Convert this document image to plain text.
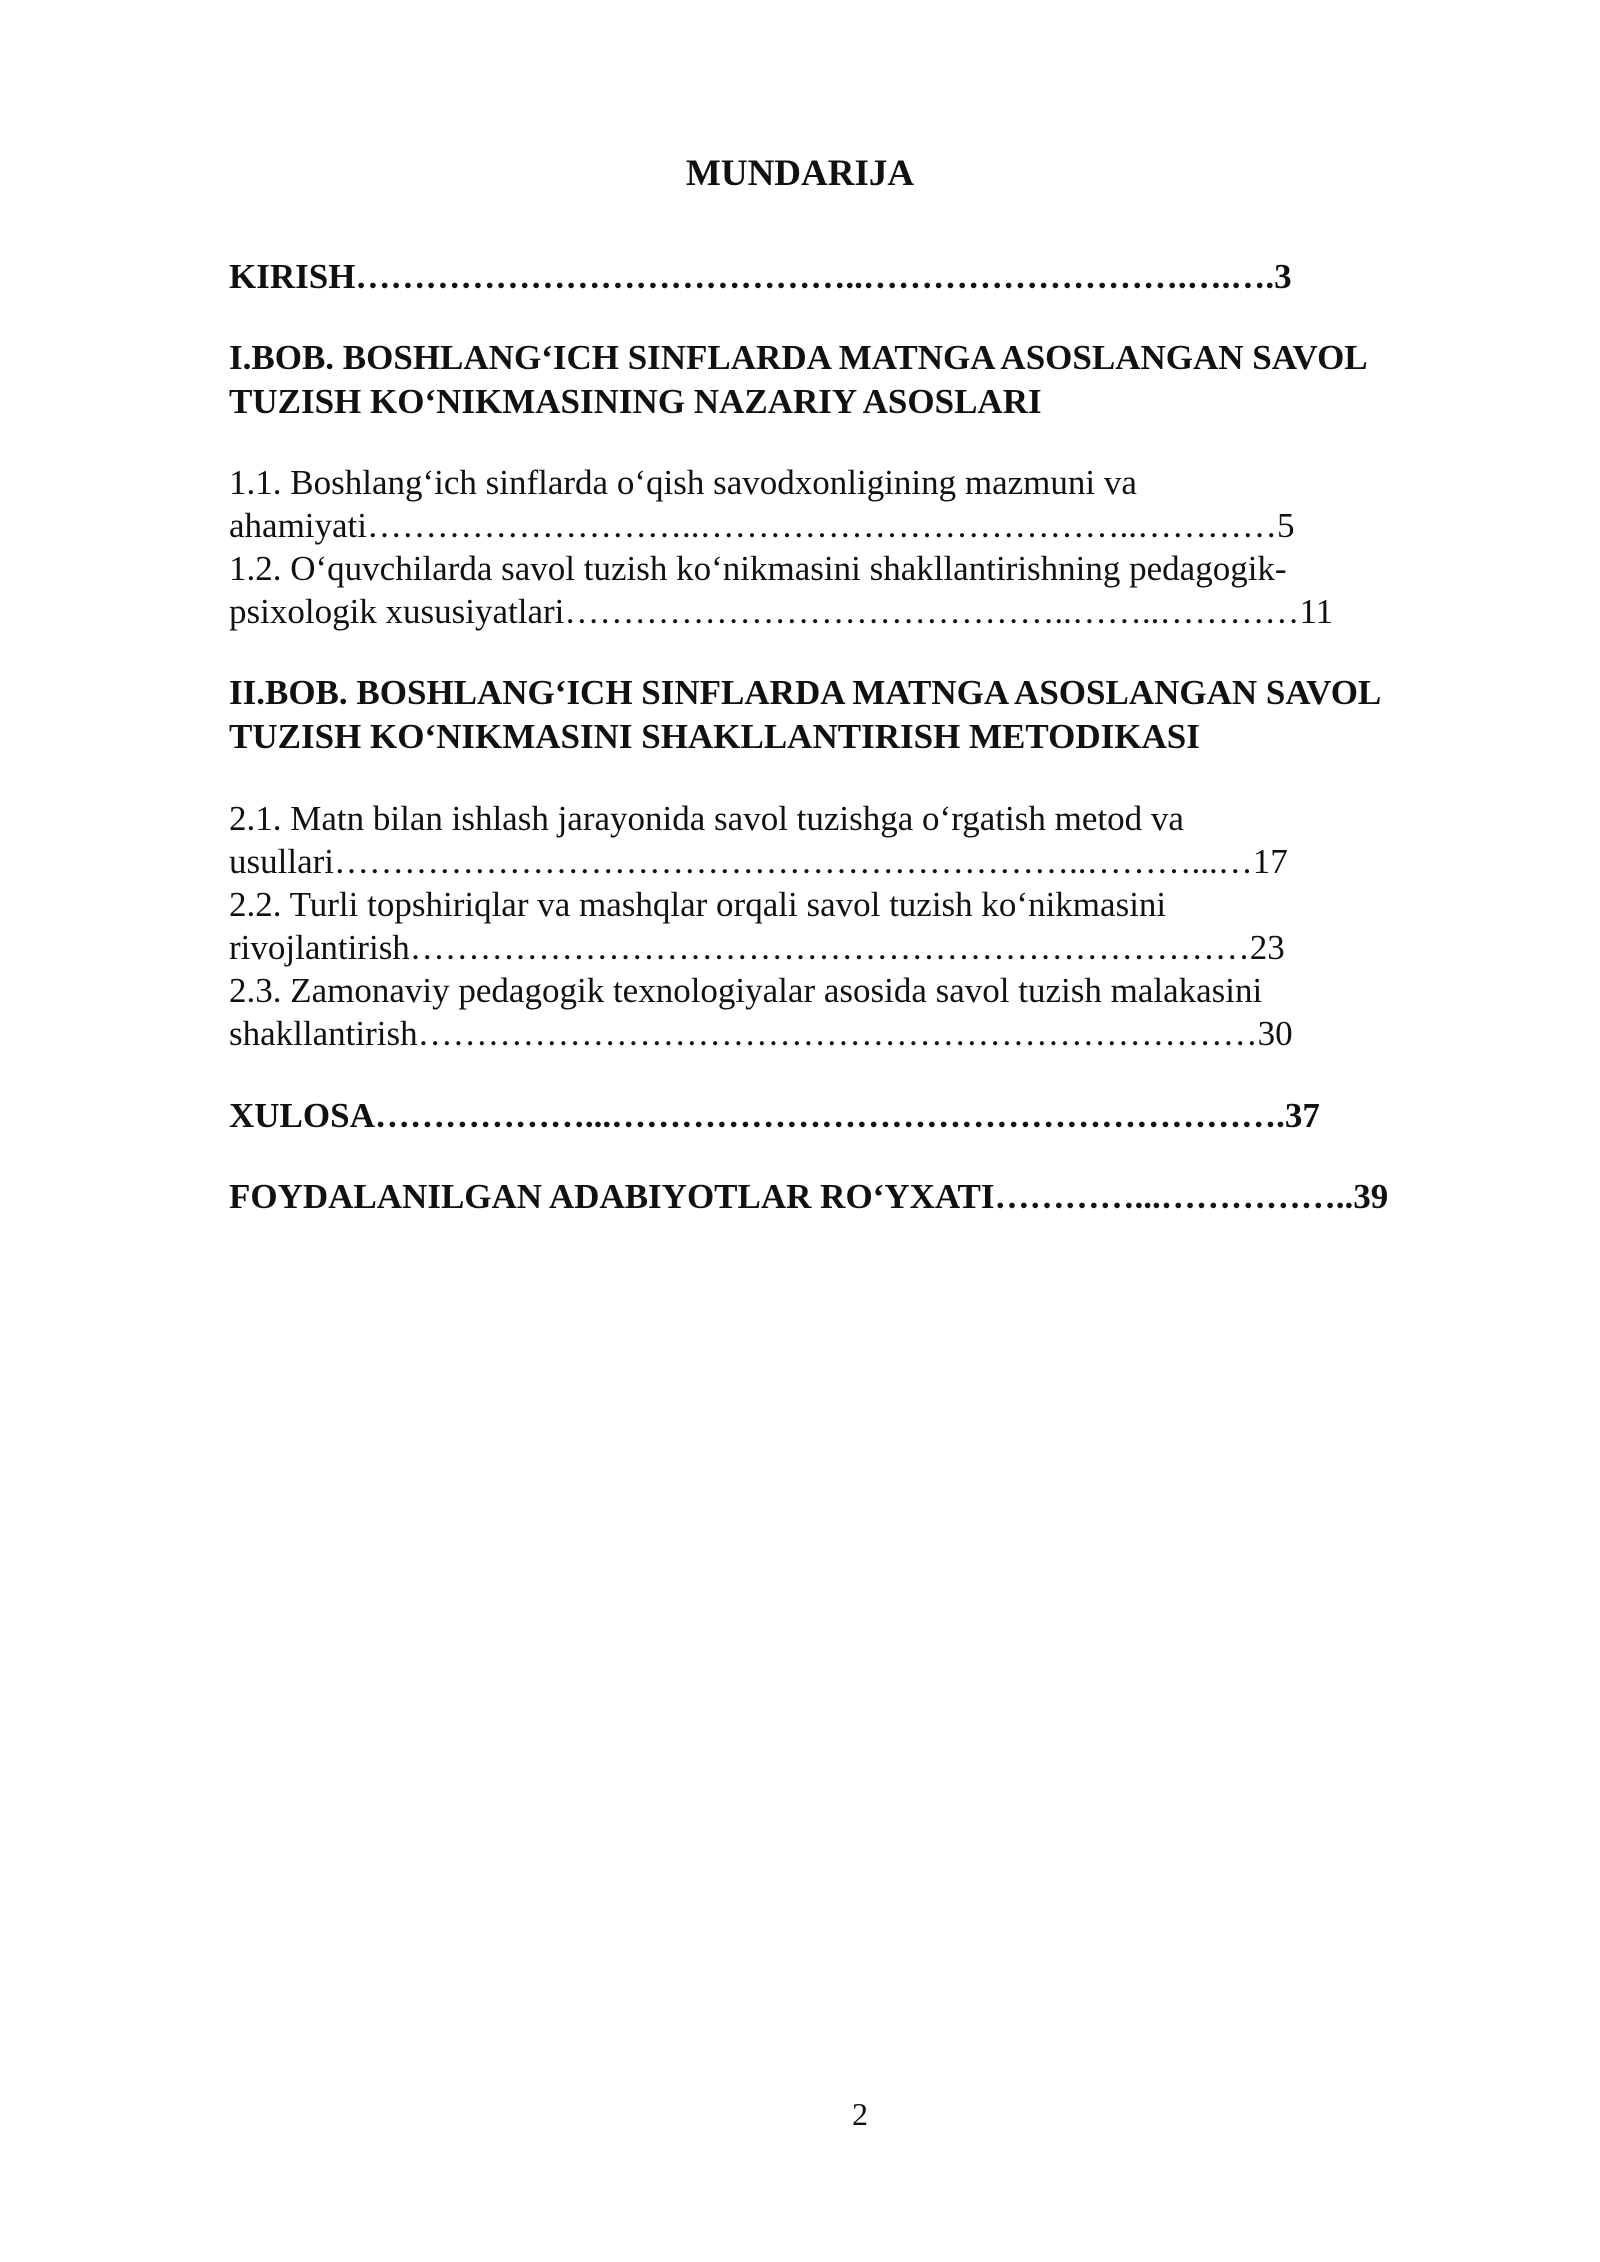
MUNDARIJA
KIRISH……………………………………..……………………….….….3
I.BOB. BOSHLANG‘ICH SINFLARDA MATNGA ASOSLANGAN SAVOL
TUZISH KO‘NIKMASINING NAZARIY ASOSLARI
1.1. Boshlang‘ich sinflarda o‘qish savodxonligining mazmuni va
ahamiyati………………………..………………………………..…………5
1.2. O‘quvchilarda savol tuzish ko‘nikmasini shakllantirishning pedagogik-
psixologik xususiyatlari……………………………………..……..…………11
II.BOB. BOSHLANG‘ICH SINFLARDA MATNGA ASOSLANGAN SAVOL
TUZISH KO‘NIKMASINI SHAKLLANTIRISH METODIKASI
2.1. Matn bilan ishlash jarayonida savol tuzishga o‘rgatish metod va
usullari………………………………………………………..………...…17
2.2. Turli topshiriqlar va mashqlar orqali savol tuzish ko‘nikmasini
rivojlantirish………………………………………………………………23
2.3. Zamonaviy pedagogik texnologiyalar asosida savol tuzish malakasini
shakllantirish………………………………………………………………30
XULOSA………………...………………………………………………….37
FOYDALANILGAN ADABIYOTLAR RO‘YXATI…………...……………..39
2
